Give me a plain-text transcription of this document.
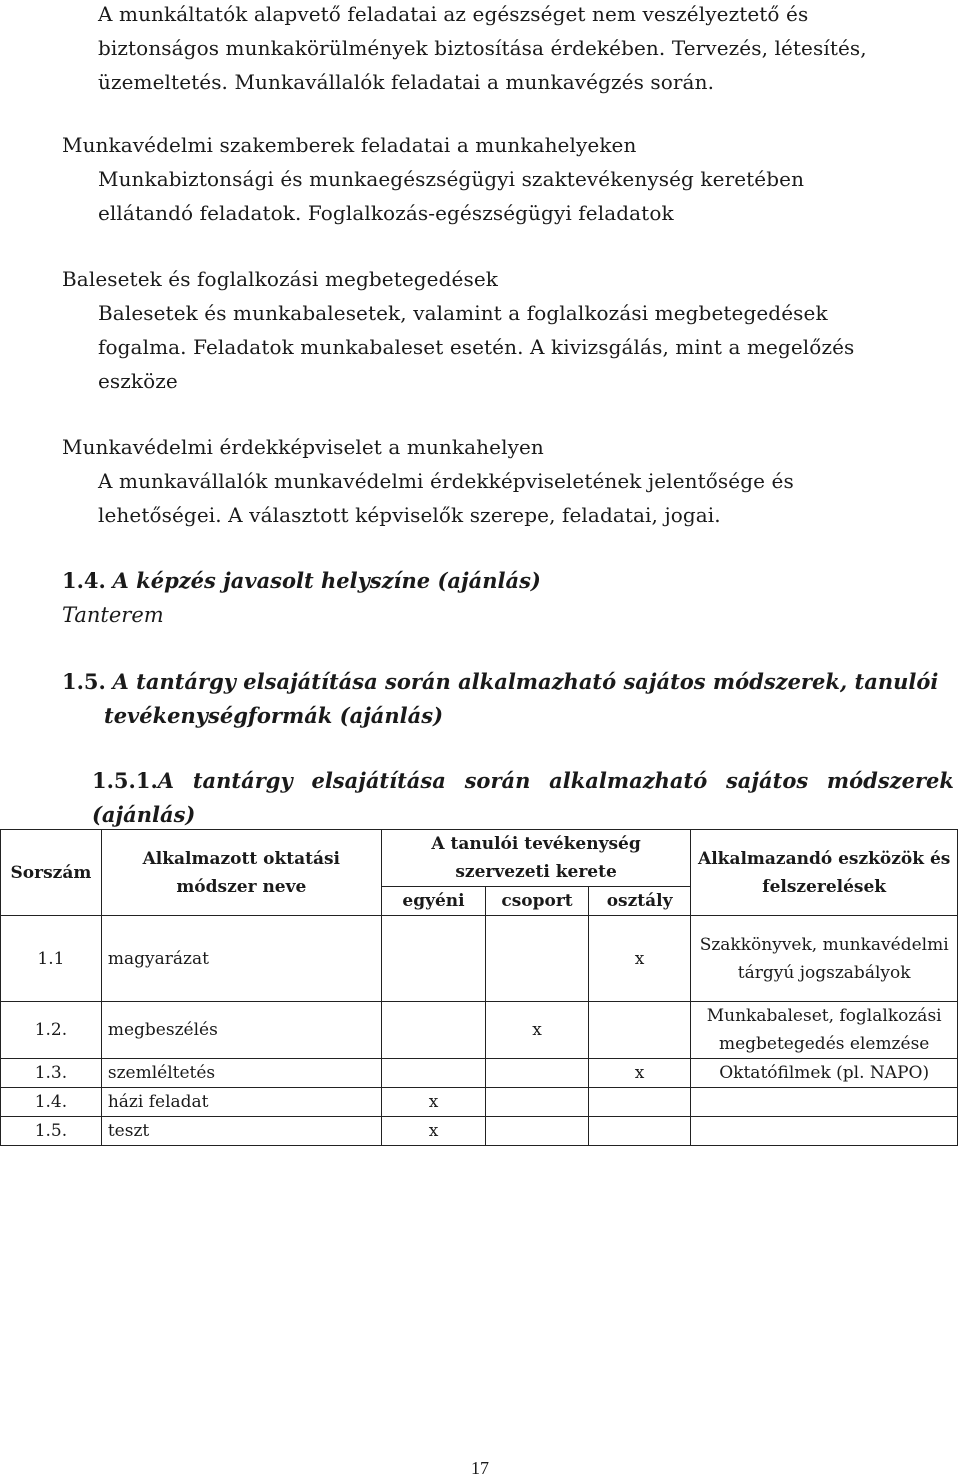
A munkáltatók alapvető feladatai az egészséget nem veszélyeztető és

biztonságos munkakörülmények biztosítása érdekében. Tervezés, létesítés,

üzemeltetés. Munkavállalók feladatai a munkavégzés során.

Munkavédelmi szakemberek feladatai a munkahelyeken

Munkabiztonsági és munkaegészségügyi szaktevékenység keretében

ellátandó feladatok. Foglalkozás-egészségügyi feladatok

Balesetek és foglalkozási megbetegedések

Balesetek és munkabalesetek, valamint a foglalkozási megbetegedések

fogalma. Feladatok munkabaleset esetén. A kivizsgálás, mint a megelőzés

eszköze

Munkavédelmi érdekképviselet a munkahelyen

A munkavállalók munkavédelmi érdekképviseletének jelentősége és

lehetőségei. A választott képviselők szerepe, feladatai, jogai.

1.4. A képzés javasolt helyszíne (ajánlás)
Tanterem
1.5. A tantárgy elsajátítása során alkalmazható sajátos módszerek, tanulói
tevékenységformák (ajánlás)
1.5.1.A tantárgy elsajátítása során alkalmazható sajátos módszerek
(ajánlás)
Sorszám	Alkalmazott oktatási módszer neve	A tanulói tevékenység szervezeti kerete			Alkalmazandó eszközök és felszerelések
		egyéni	csoport	osztály	
1.1	magyarázat			x	Szakkönyvek, munkavédelmi tárgyú jogszabályok
1.2.	megbeszélés		x		Munkabaleset, foglalkozási megbetegedés elemzése
1.3.	szemléltetés			x	Oktatófilmek (pl. NAPO)
1.4.	házi feladat	x			
1.5.	teszt	x			
17
